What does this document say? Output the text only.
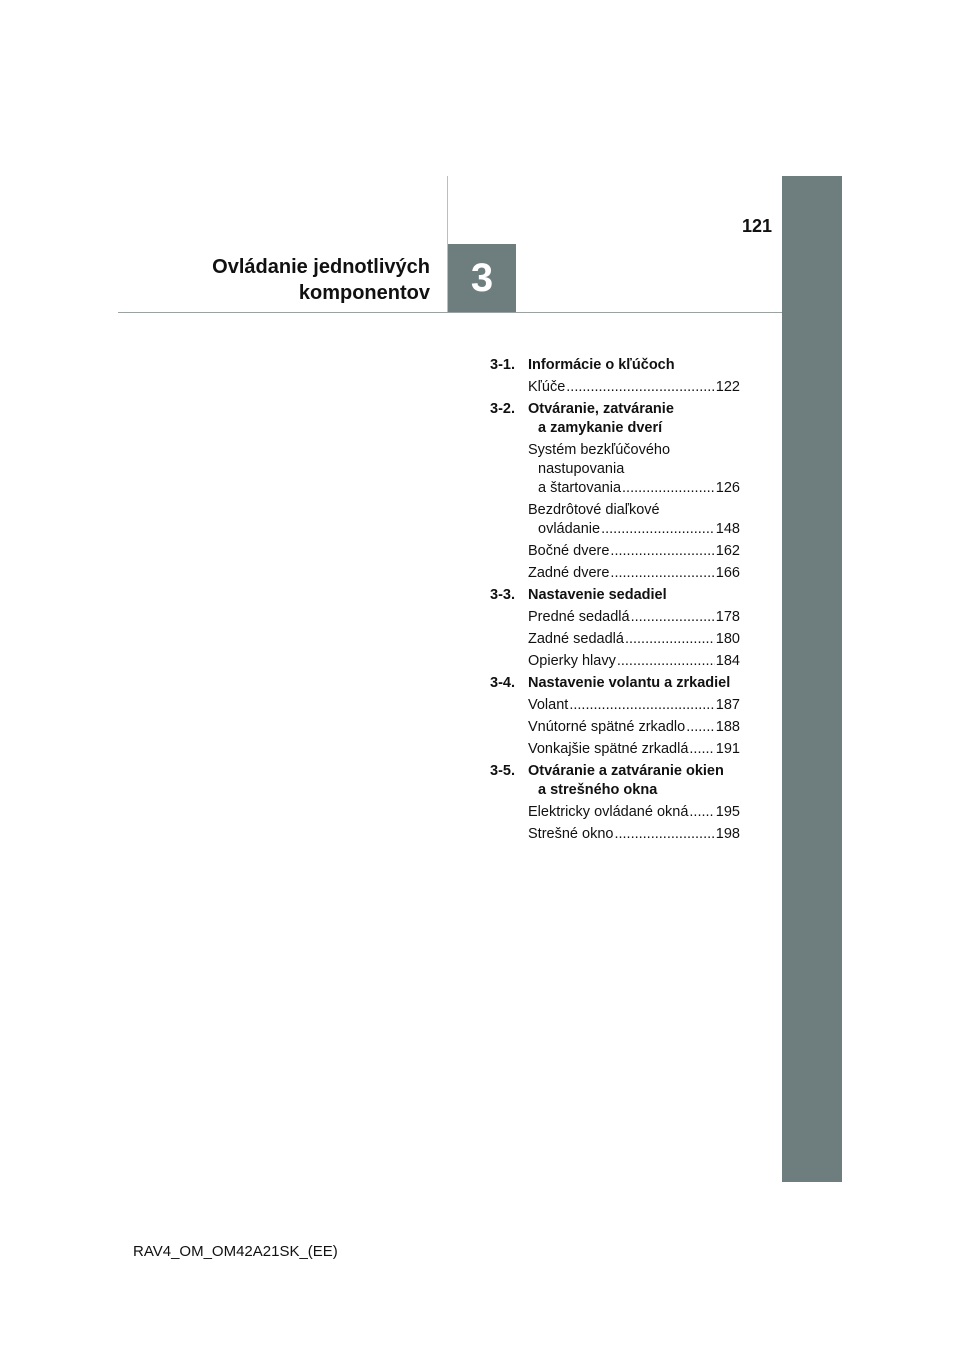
3
121
Ovládanie jednotlivých
komponentov
3-1. Informácie o kľúčoch
Kľúče .....	122
3-2. Otváranie, zatváranie
a zamykanie dverí
Systém bezkľúčového
nastupovania
a štartovania .....	126
Bezdrôtové diaľkové
ovládanie .....	148
Bočné dvere .....	162
Zadné dvere .....	166
3-3. Nastavenie sedadiel
Predné sedadlá .....	178
Zadné sedadlá .....	180
Opierky hlavy .....	184
3-4. Nastavenie volantu a zrkadiel
Volant .....	187
Vnútorné spätné zrkadlo ..... 188
Vonkajšie spätné zrkadlá ..... 191
3-5. Otváranie a zatváranie okien
a strešného okna
Elektricky ovládané okná ..... 195
Strešné okno .....	198
RAV4_OM_OM42A21SK_(EE)
